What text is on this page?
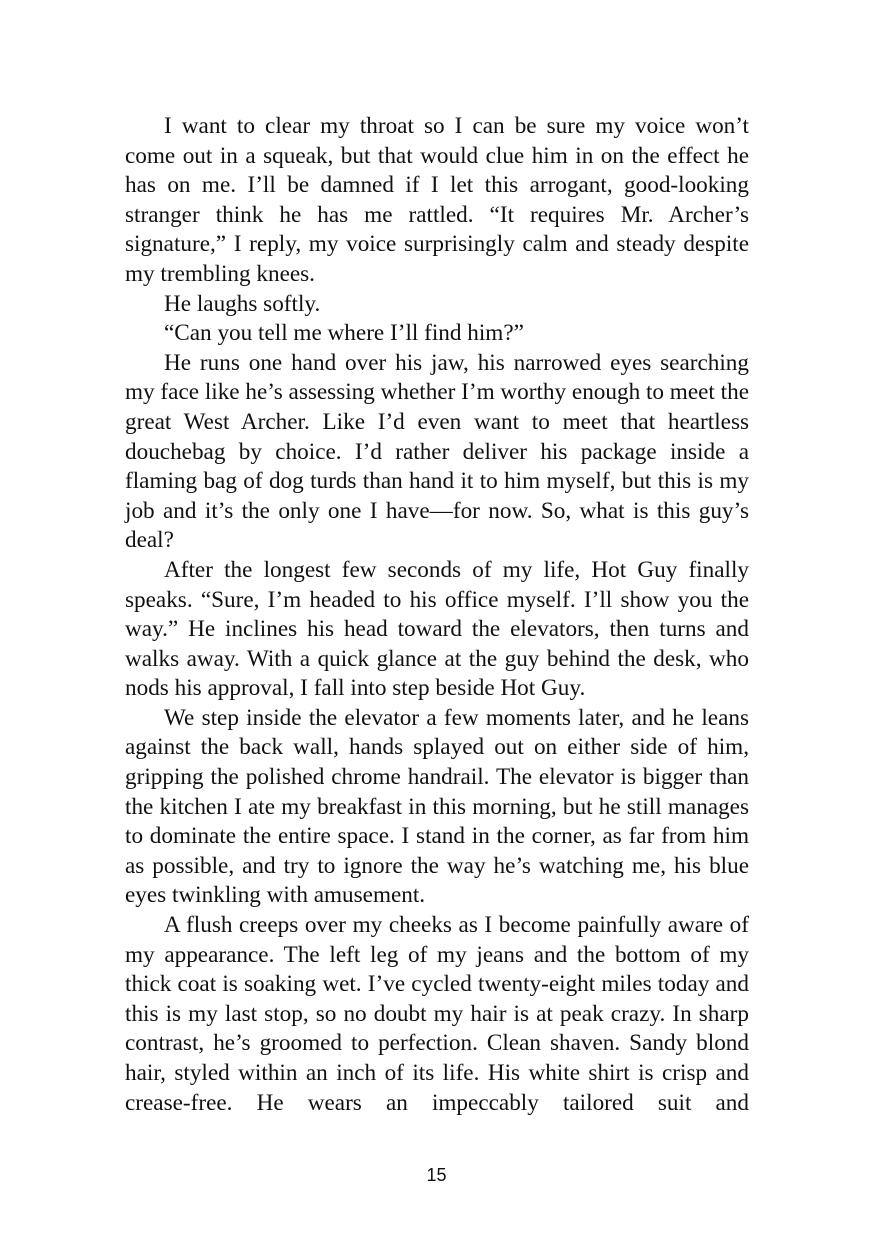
I want to clear my throat so I can be sure my voice won’t come out in a squeak, but that would clue him in on the effect he has on me. I’ll be damned if I let this arrogant, good-looking stranger think he has me rattled. “It requires Mr. Archer’s signature,” I reply, my voice surprisingly calm and steady despite my trembling knees.

He laughs softly.

“Can you tell me where I’ll find him?”

He runs one hand over his jaw, his narrowed eyes searching my face like he’s assessing whether I’m worthy enough to meet the great West Archer. Like I’d even want to meet that heartless douchebag by choice. I’d rather deliver his package inside a flaming bag of dog turds than hand it to him myself, but this is my job and it’s the only one I have—for now. So, what is this guy’s deal?

After the longest few seconds of my life, Hot Guy finally speaks. “Sure, I’m headed to his office myself. I’ll show you the way.” He inclines his head toward the elevators, then turns and walks away. With a quick glance at the guy behind the desk, who nods his approval, I fall into step beside Hot Guy.

We step inside the elevator a few moments later, and he leans against the back wall, hands splayed out on either side of him, gripping the polished chrome handrail. The elevator is bigger than the kitchen I ate my breakfast in this morning, but he still manages to dominate the entire space. I stand in the corner, as far from him as possible, and try to ignore the way he’s watching me, his blue eyes twinkling with amusement.

A flush creeps over my cheeks as I become painfully aware of my appearance. The left leg of my jeans and the bottom of my thick coat is soaking wet. I’ve cycled twenty-eight miles today and this is my last stop, so no doubt my hair is at peak crazy. In sharp contrast, he’s groomed to perfection. Clean shaven. Sandy blond hair, styled within an inch of its life. His white shirt is crisp and crease-free. He wears an impeccably tailored suit and

15
